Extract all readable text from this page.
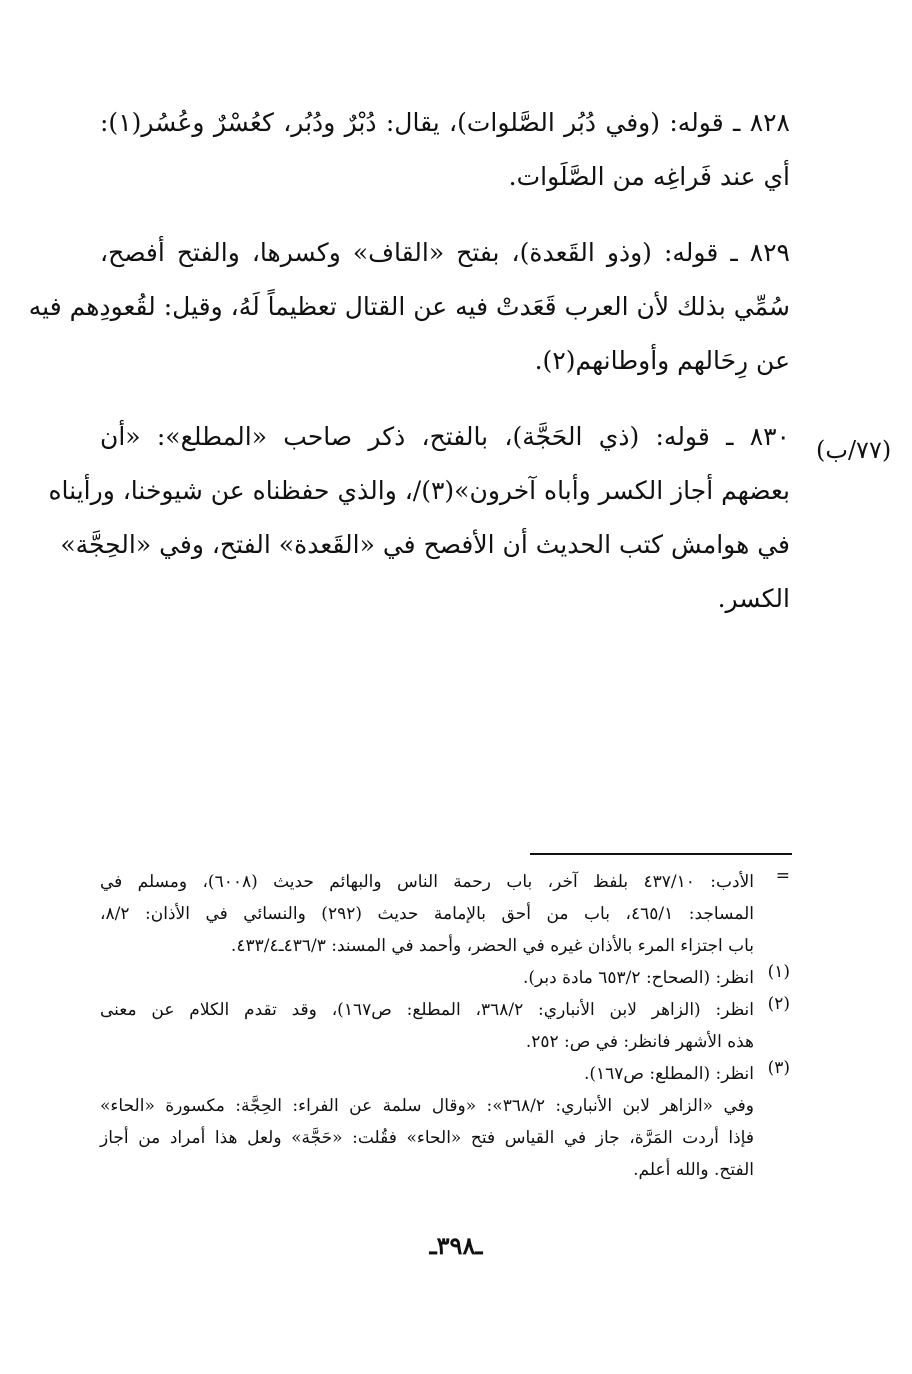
٨٢٨ ـ قوله: (وفي دُبُر الصَّلوات)، يقال: دُبْرٌ ودُبُر، كعُسْرٌ وعُسُر(١):
أي عند فَراغِه من الصَّلَوات.
٨٢٩ ـ قوله: (وذو القَعدة)، بفتح «القاف» وكسرها، والفتح أفصح،
سُمِّي بذلك لأن العرب قَعَدتْ فيه عن القتال تعظيماً لَهُ، وقيل: لقُعودِهم فيه
عن رِحَالهم وأوطانهم(٢).
٨٣٠ ـ قوله: (ذي الحَجَّة)، بالفتح، ذكر صاحب «المطلع»: «أن
بعضهم أجاز الكسر وأباه آخرون»(٣)/، والذي حفظناه عن شيوخنا، ورأيناه
في هوامش كتب الحديث أن الأفصح في «القَعدة» الفتح، وفي «الحِجَّة»
الكسر.
(٧٧/ب)
=
الأدب: ٤٣٧/١٠ بلفظ آخر، باب رحمة الناس والبهائم حديث (٦٠٠٨)، ومسلم في
المساجد: ٤٦٥/١، باب من أحق بالإمامة حديث (٢٩٢) والنسائي في الأذان: ٨/٢،
باب اجتزاء المرء بالأذان غيره في الحضر، وأحمد في المسند: ٤٣٦/٣ـ٤٣٣/٤.
(١)
انظر: (الصحاح: ٦٥٣/٢ مادة دبر).
(٢)
انظر: (الزاهر لابن الأنباري: ٣٦٨/٢، المطلع: ص١٦٧)، وقد تقدم الكلام عن معنى
هذه الأشهر فانظر: في ص: ٢٥٢.
(٣)
انظر: (المطلع: ص١٦٧).
وفي «الزاهر لابن الأنباري: ٣٦٨/٢»: «وقال سلمة عن الفراء: الحِجَّة: مكسورة «الحاء»
فإذا أردت المَرَّة، جاز في القياس فتح «الحاء» فقُلت: «حَجَّة» ولعل هذا أمراد من أجاز
الفتح. والله أعلم.
ـ٣٩٨ـ
